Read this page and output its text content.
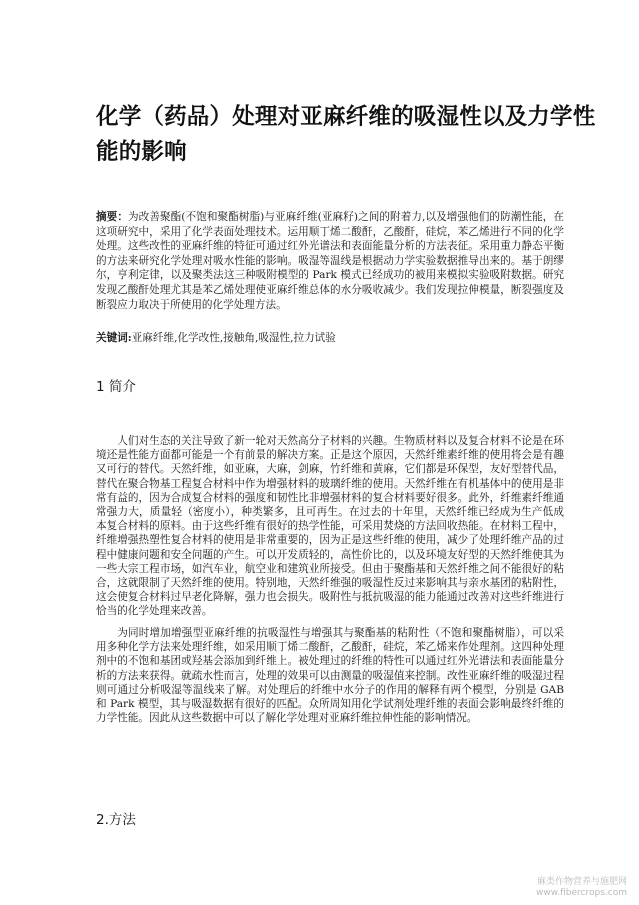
化学（药品）处理对亚麻纤维的吸湿性以及力学性能的影响

摘要：为改善聚酯(不饱和聚酯树脂)与亚麻纤维(亚麻籽)之间的附着力,以及增强他们的防潮性能，在这项研究中，采用了化学表面处理技术。运用顺丁烯二酸酐，乙酸酐，硅烷，苯乙烯进行不同的化学处理。这些改性的亚麻纤维的特征可通过红外光谱法和表面能量分析的方法表征。采用重力静态平衡的方法来研究化学处理对吸水性能的影响。吸湿等温线是根据动力学实验数据推导出来的。基于朗缪尔，亨利定律，以及聚类法这三种吸附模型的 Park 模式已经成功的被用来模拟实验吸附数据。研究发现乙酸酐处理尤其是苯乙烯处理使亚麻纤维总体的水分吸收减少。我们发现拉伸模量，断裂强度及断裂应力取决于所使用的化学处理方法。

关键词:亚麻纤维,化学改性,接触角,吸湿性,拉力试验

1 简介

人们对生态的关注导致了新一轮对天然高分子材料的兴趣。生物质材料以及复合材料不论是在环境还是性能方面都可能是一个有前景的解决方案。正是这个原因，天然纤维素纤维的使用将会是有趣又可行的替代。天然纤维，如亚麻，大麻，剑麻，竹纤维和黄麻，它们都是环保型，友好型替代品，替代在聚合物基工程复合材料中作为增强材料的玻璃纤维的使用。天然纤维在有机基体中的使用是非常有益的，因为合成复合材料的强度和韧性比非增强材料的复合材料要好很多。此外，纤维素纤维通常强力大，质量轻（密度小），种类繁多，且可再生。在过去的十年里，天然纤维已经成为生产低成本复合材料的原料。由于这些纤维有很好的热学性能，可采用焚烧的方法回收热能。在材料工程中，纤维增强热塑性复合材料的使用是非常重要的，因为正是这些纤维的使用，减少了处理纤维产品的过程中健康问题和安全问题的产生。可以开发质轻的，高性价比的，以及环境友好型的天然纤维使其为一些大宗工程市场，如汽车业，航空业和建筑业所接受。但由于聚酯基和天然纤维之间不能很好的粘合，这就限制了天然纤维的使用。特别地，天然纤维强的吸湿性反过来影响其与亲水基团的粘附性，这会使复合材料过早老化降解，强力也会损失。吸附性与抵抗吸湿的能力能通过改善对这些纤维进行恰当的化学处理来改善。

为同时增加增强型亚麻纤维的抗吸湿性与增强其与聚酯基的粘附性（不饱和聚酯树脂），可以采用多种化学方法来处理纤维，如采用顺丁烯二酸酐，乙酸酐，硅烷，苯乙烯来作处理剂。这四种处理剂中的不饱和基团或羟基会添加到纤维上。被处理过的纤维的特性可以通过红外光谱法和表面能量分析的方法来获得。就疏水性而言，处理的效果可以由测量的吸湿值来控制。改性亚麻纤维的吸湿过程则可通过分析吸湿等温线来了解。对处理后的纤维中水分子的作用的解释有两个模型，分别是 GAB 和 Park 模型，其与吸湿数据有很好的匹配。众所周知用化学试剂处理纤维的表面会影响最终纤维的力学性能。因此从这些数据中可以了解化学处理对亚麻纤维拉伸性能的影响情况。

2.方法
麻类作物营养与施肥网
www.fibercrops.com
